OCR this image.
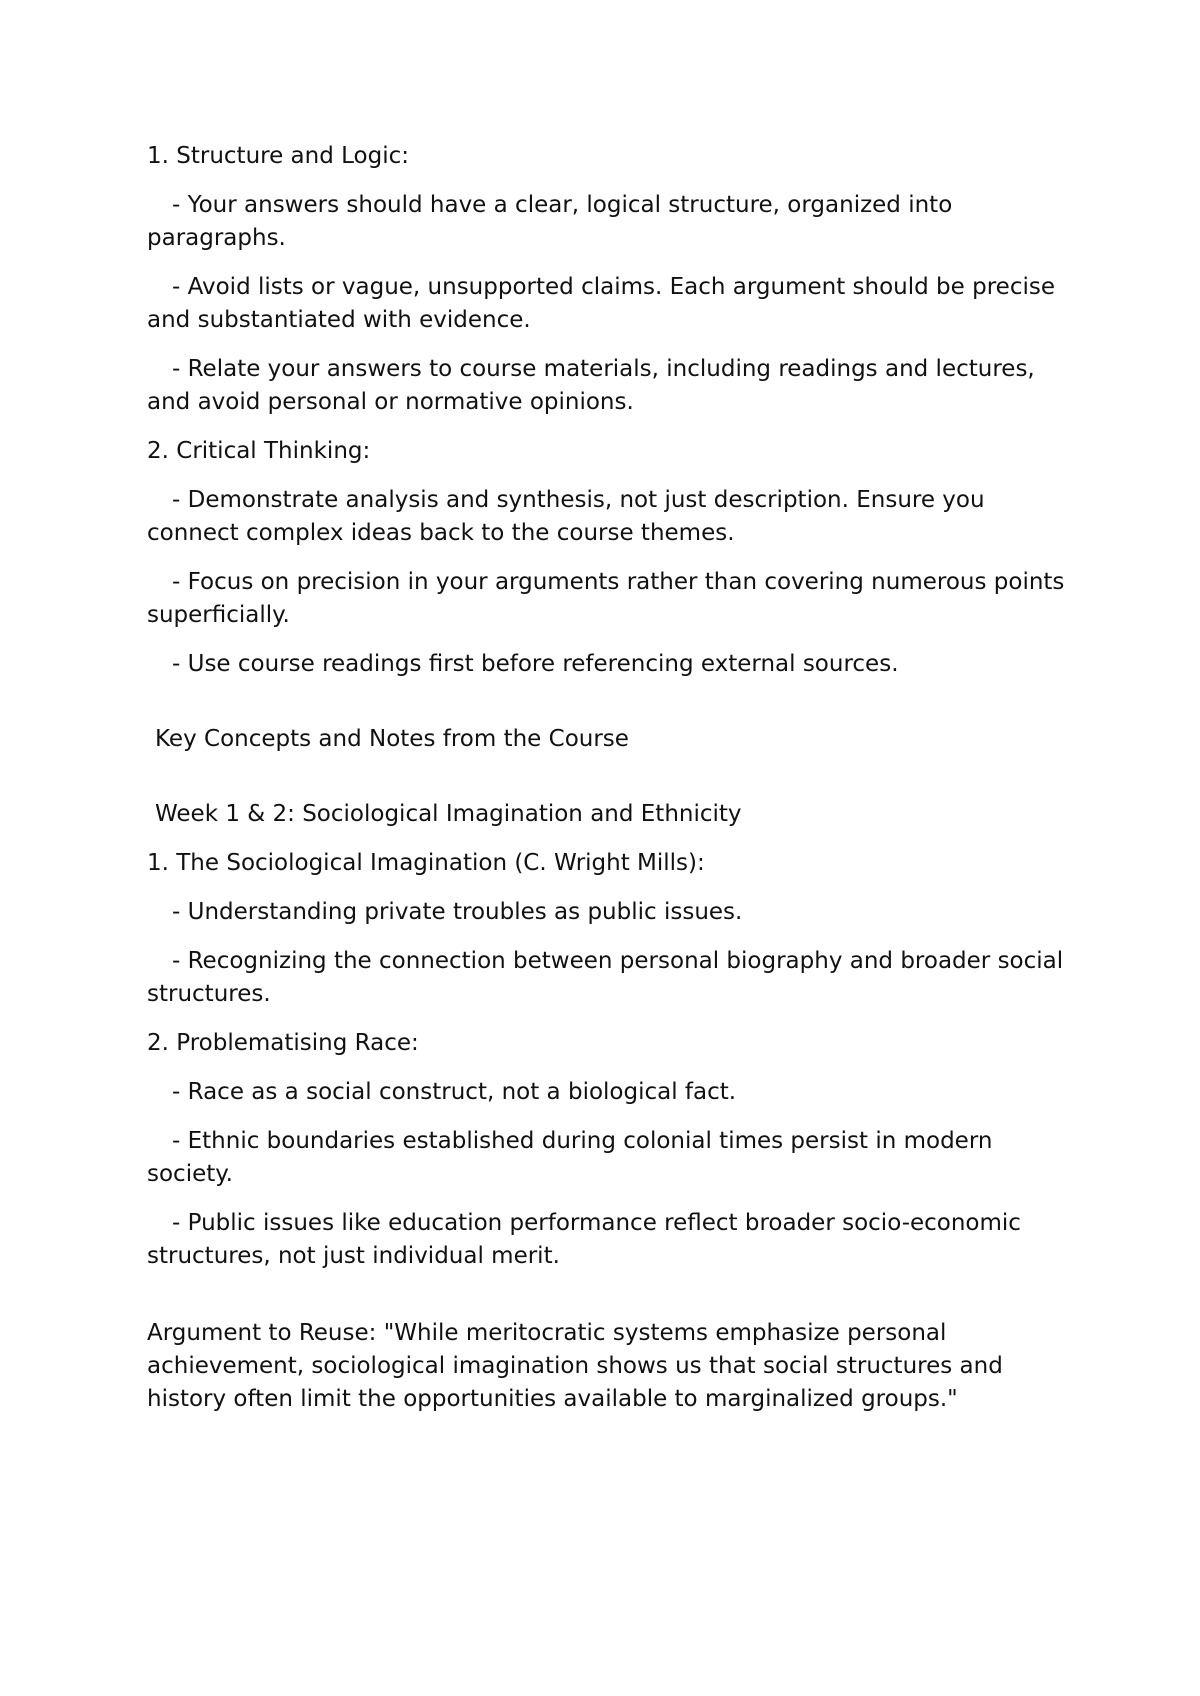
1. Structure and Logic:

- Your answers should have a clear, logical structure, organized into paragraphs.

- Avoid lists or vague, unsupported claims. Each argument should be precise and substantiated with evidence.

- Relate your answers to course materials, including readings and lectures, and avoid personal or normative opinions.

2. Critical Thinking:

- Demonstrate analysis and synthesis, not just description. Ensure you connect complex ideas back to the course themes.

- Focus on precision in your arguments rather than covering numerous points superficially.

- Use course readings first before referencing external sources.

Key Concepts and Notes from the Course

Week 1 & 2: Sociological Imagination and Ethnicity

1. The Sociological Imagination (C. Wright Mills):

- Understanding private troubles as public issues.

- Recognizing the connection between personal biography and broader social structures.

2. Problematising Race:

- Race as a social construct, not a biological fact.

- Ethnic boundaries established during colonial times persist in modern society.

- Public issues like education performance reflect broader socio-economic structures, not just individual merit.

Argument to Reuse: "While meritocratic systems emphasize personal achievement, sociological imagination shows us that social structures and history often limit the opportunities available to marginalized groups."
